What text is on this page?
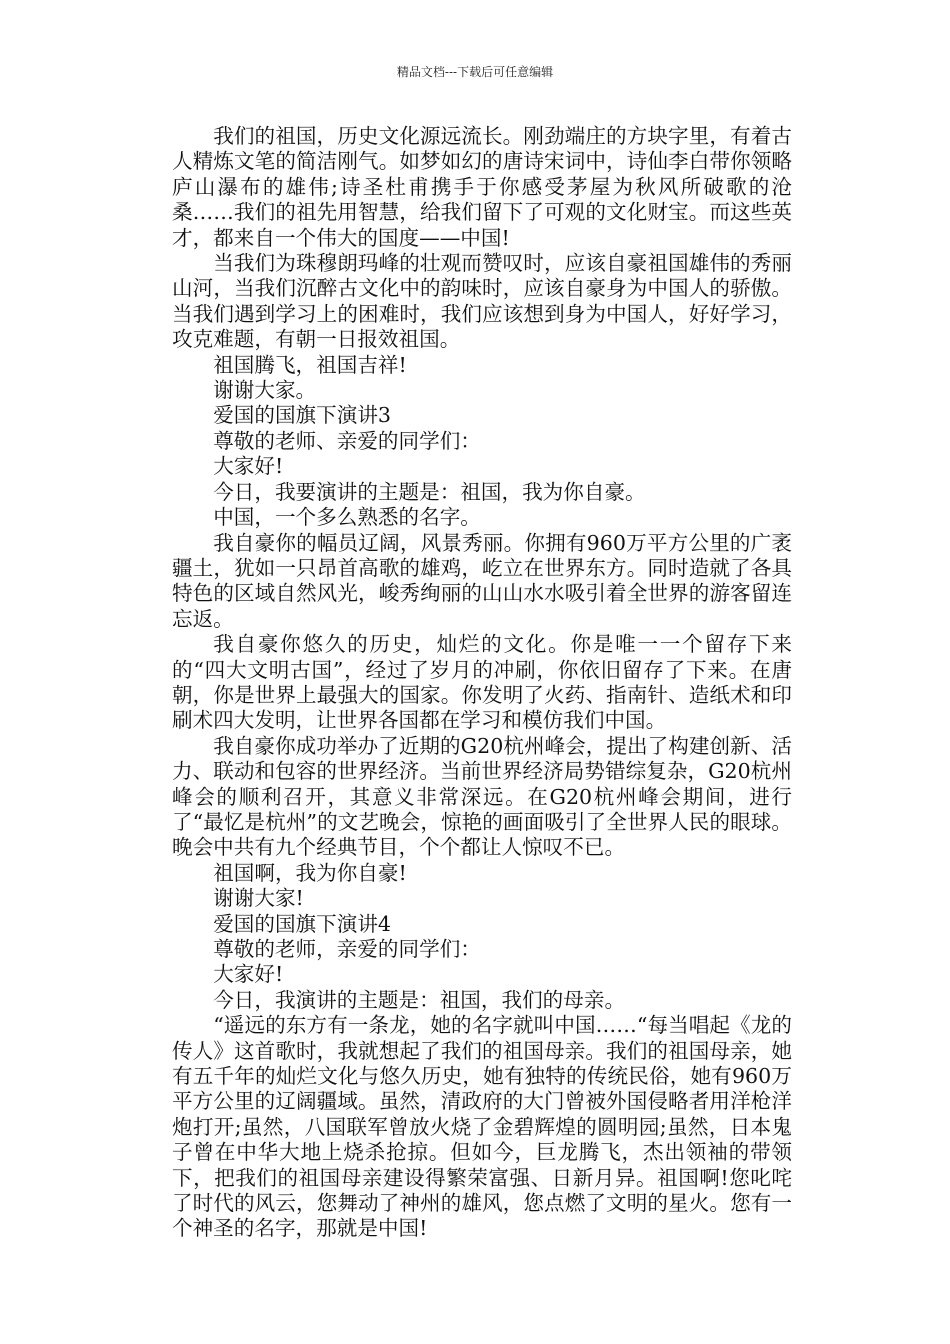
精品文档---下载后可任意编辑

我们的祖国，历史文化源远流长。刚劲端庄的方块字里，有着古人精炼文笔的简洁刚气。如梦如幻的唐诗宋词中，诗仙李白带你领略庐山瀑布的雄伟;诗圣杜甫携手于你感受茅屋为秋风所破歌的沧桑……我们的祖先用智慧，给我们留下了可观的文化财宝。而这些英才，都来自一个伟大的国度——中国!

当我们为珠穆朗玛峰的壮观而赞叹时，应该自豪祖国雄伟的秀丽山河，当我们沉醉古文化中的韵味时，应该自豪身为中国人的骄傲。当我们遇到学习上的困难时，我们应该想到身为中国人，好好学习，攻克难题，有朝一日报效祖国。

祖国腾飞，祖国吉祥!

谢谢大家。

爱国的国旗下演讲3

尊敬的老师、亲爱的同学们：

大家好!

今日，我要演讲的主题是：祖国，我为你自豪。

中国，一个多么熟悉的名字。

我自豪你的幅员辽阔，风景秀丽。你拥有960万平方公里的广袤疆土，犹如一只昂首高歌的雄鸡，屹立在世界东方。同时造就了各具特色的区域自然风光，峻秀绚丽的山山水水吸引着全世界的游客留连忘返。

我自豪你悠久的历史，灿烂的文化。你是唯一一个留存下来的“四大文明古国”，经过了岁月的冲刷，你依旧留存了下来。在唐朝，你是世界上最强大的国家。你发明了火药、指南针、造纸术和印刷术四大发明，让世界各国都在学习和模仿我们中国。

我自豪你成功举办了近期的G20杭州峰会，提出了构建创新、活力、联动和包容的世界经济。当前世界经济局势错综复杂，G20杭州峰会的顺利召开，其意义非常深远。在G20杭州峰会期间，进行了“最忆是杭州”的文艺晚会，惊艳的画面吸引了全世界人民的眼球。晚会中共有九个经典节目，个个都让人惊叹不已。

祖国啊，我为你自豪!

谢谢大家!

爱国的国旗下演讲4

尊敬的老师，亲爱的同学们：

大家好!

今日，我演讲的主题是：祖国，我们的母亲。

“遥远的东方有一条龙，她的名字就叫中国……“每当唱起《龙的传人》这首歌时，我就想起了我们的祖国母亲。我们的祖国母亲，她有五千年的灿烂文化与悠久历史，她有独特的传统民俗，她有960万平方公里的辽阔疆域。虽然，清政府的大门曾被外国侵略者用洋枪洋炮打开;虽然，八国联军曾放火烧了金碧辉煌的圆明园;虽然，日本鬼子曾在中华大地上烧杀抢掠。但如今，巨龙腾飞，杰出领袖的带领下，把我们的祖国母亲建设得繁荣富强、日新月异。祖国啊!您叱咤了时代的风云，您舞动了神州的雄风，您点燃了文明的星火。您有一个神圣的名字，那就是中国!
